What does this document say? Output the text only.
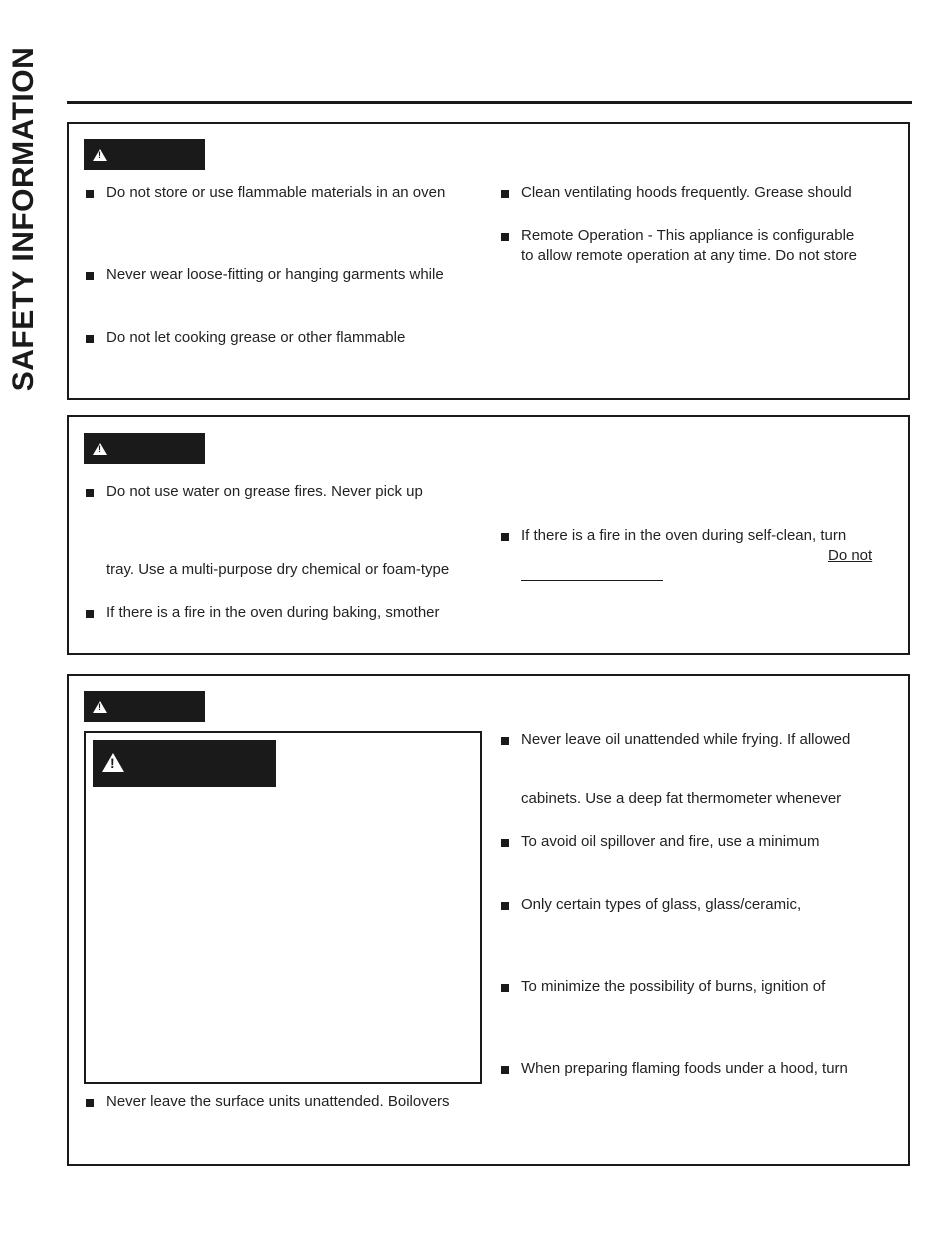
SAFETY INFORMATION
!	Do not store or use flammable materials in an oven
Never wear loose-fitting or hanging garments while
Do not let cooking grease or other flammable
Clean ventilating hoods frequently. Grease should
Remote Operation - This appliance is configurable
to allow remote operation at any time. Do not store
!
Do not use water on grease fires. Never pick up
tray. Use a multi-purpose dry chemical or foam-type
If there is a fire in the oven during baking, smother
If there is a fire in the oven during self-clean, turn
Do not
!
!
Never leave the surface units unattended. Boilovers
Never leave oil unattended while frying. If allowed
cabinets. Use a deep fat thermometer whenever
To avoid oil spillover and fire, use a minimum
Only certain types of glass, glass/ceramic,
To minimize the possibility of burns, ignition of
When preparing flaming foods under a hood, turn
